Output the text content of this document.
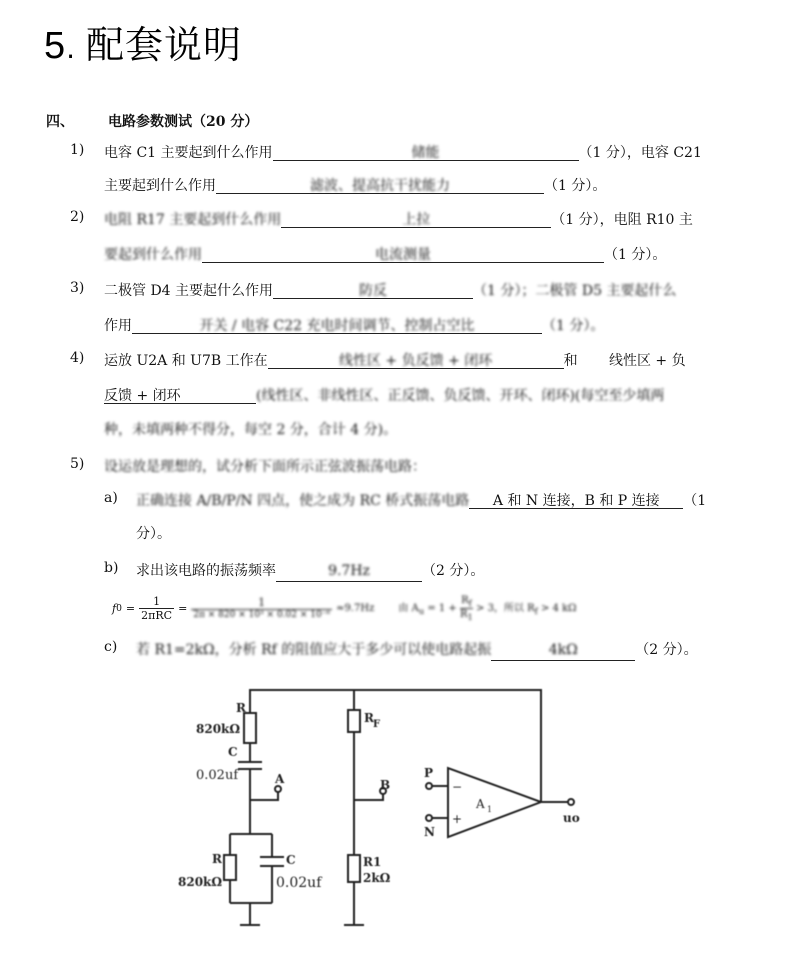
5. 配套说明
四、 电路参数测试（20 分）
1) 电容 C1 主要起到什么作用	储能	（1 分），电容 C21
主要起到什么作用	滤波、提高抗干扰能力	（1 分）。
2) 电阻 R17 主要起到什么作用	上拉	（1 分），电阻 R10 主
要起到什么作用	电流测量	（1 分）。
3) 二极管 D4 主要起什么作用	防反	（1 分）；二极管 D5 主要起什么
作用	开关 / 电容 C22 充电时间调节、控制占空比	（1 分）。
4) 运放 U2A 和 U7B 工作在	线性区 + 负反馈 + 闭环	和 线性区 + 负
反馈 + 闭环	(线性区、非线性区、正反馈、负反馈、开环、闭环)(每空至少填两
种，未填两种不得分，每空 2 分，合计 4 分)。
5) 设运放是理想的，试分析下面所示正弦波振荡电路：
a) 正确连接 A/B/P/N 四点，使之成为 RC 桥式振荡电路 A 和 N 连接，B 和 P 连接 （1
分）。
b) 求出该电路的振荡频率	9.7Hz	（2 分）。
f 0 =
1
2πRC
=	1
2π × 820 × 10³ × 0.02 × 10⁻⁶
≈9.7Hz 由 $A_u = 1 + \frac{R_f}{R_1} > 3$，所以 $R_f > 4$ kΩ
c) 若 R1=2kΩ，分析 Rf 的阻值应大于多少可以使电路起振	4kΩ	（2 分）。
R
820kΩ
C
0.02uf	A
R
820kΩ
C
0.02uf
R F
B
R1
2kΩ
P
N
A 1
−
+	uo
